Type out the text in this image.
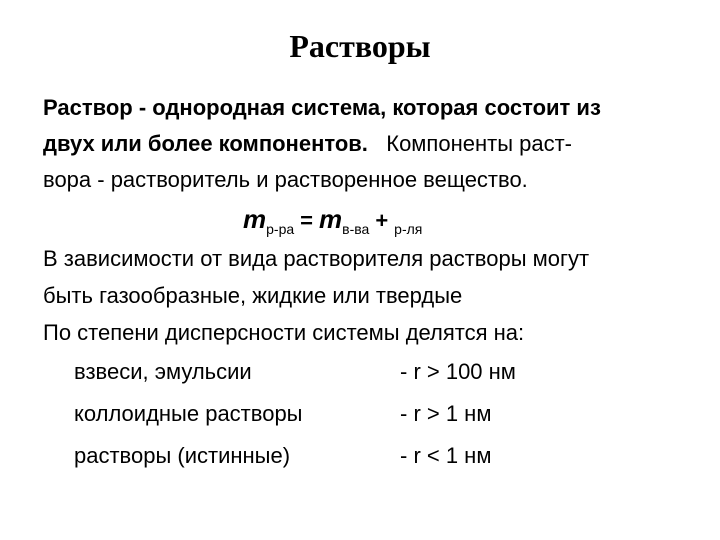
Растворы
Раствор - однородная система, которая состоит из
двух или более компонентов.   Компоненты раст-
вора - растворитель и растворенное вещество.
$m_{р-ра} = m_{в-ва} + _{р-ля}$
В зависимости от вида растворителя растворы могут
быть газообразные, жидкие или твердые
По степени дисперсности системы делятся на:
взвеси, эмульсии	- r > 100 нм
коллоидные растворы	- r > 1 нм
растворы (истинные)	- r < 1 нм
